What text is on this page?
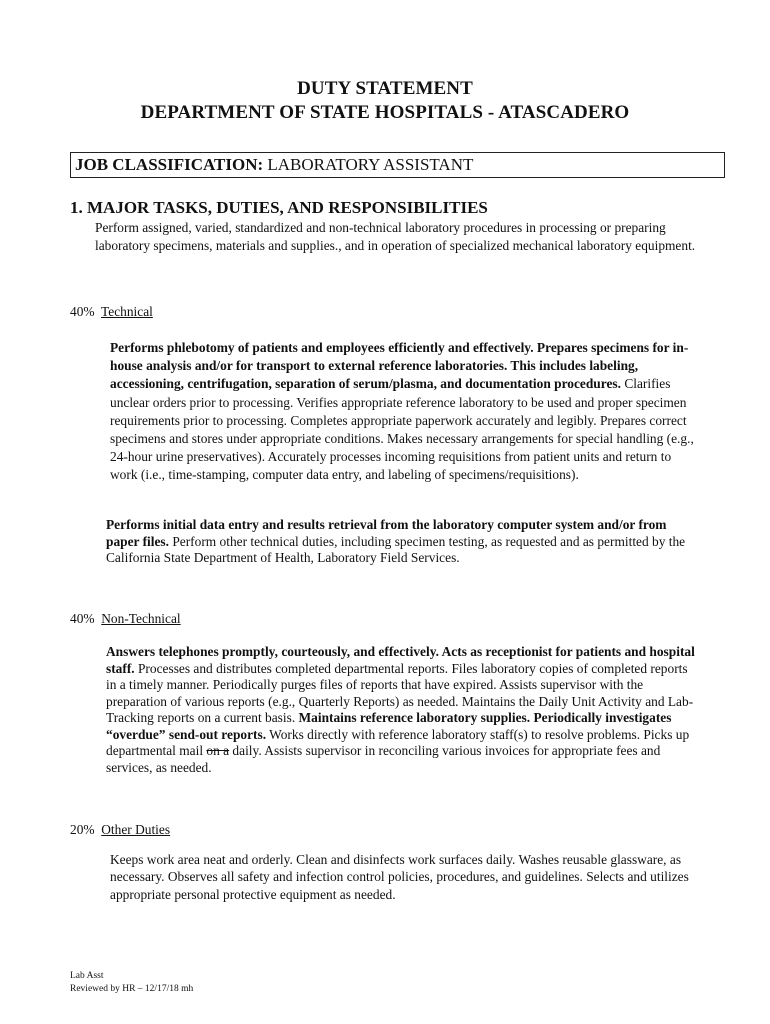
DUTY STATEMENT
DEPARTMENT OF STATE HOSPITALS - ATASCADERO
JOB CLASSIFICATION: LABORATORY ASSISTANT
1. MAJOR TASKS, DUTIES, AND RESPONSIBILITIES
Perform assigned, varied, standardized and non-technical laboratory procedures in processing or preparing laboratory specimens, materials and supplies., and in operation of specialized mechanical laboratory equipment.
40% Technical
Performs phlebotomy of patients and employees efficiently and effectively. Prepares specimens for in-house analysis and/or for transport to external reference laboratories. This includes labeling, accessioning, centrifugation, separation of serum/plasma, and documentation procedures. Clarifies unclear orders prior to processing. Verifies appropriate reference laboratory to be used and proper specimen requirements prior to processing. Completes appropriate paperwork accurately and legibly. Prepares correct specimens and stores under appropriate conditions. Makes necessary arrangements for special handling (e.g., 24-hour urine preservatives). Accurately processes incoming requisitions from patient units and return to work (i.e., time-stamping, computer data entry, and labeling of specimens/requisitions).
Performs initial data entry and results retrieval from the laboratory computer system and/or from paper files. Perform other technical duties, including specimen testing, as requested and as permitted by the California State Department of Health, Laboratory Field Services.
40% Non-Technical
Answers telephones promptly, courteously, and effectively. Acts as receptionist for patients and hospital staff. Processes and distributes completed departmental reports. Files laboratory copies of completed reports in a timely manner. Periodically purges files of reports that have expired. Assists supervisor with the preparation of various reports (e.g., Quarterly Reports) as needed. Maintains the Daily Unit Activity and Lab-Tracking reports on a current basis. Maintains reference laboratory supplies. Periodically investigates “overdue” send-out reports. Works directly with reference laboratory staff(s) to resolve problems. Picks up departmental mail on a daily. Assists supervisor in reconciling various invoices for appropriate fees and services, as needed.
20% Other Duties
Keeps work area neat and orderly. Clean and disinfects work surfaces daily. Washes reusable glassware, as necessary. Observes all safety and infection control policies, procedures, and guidelines. Selects and utilizes appropriate personal protective equipment as needed.
Lab Asst
Reviewed by HR – 12/17/18 mh
